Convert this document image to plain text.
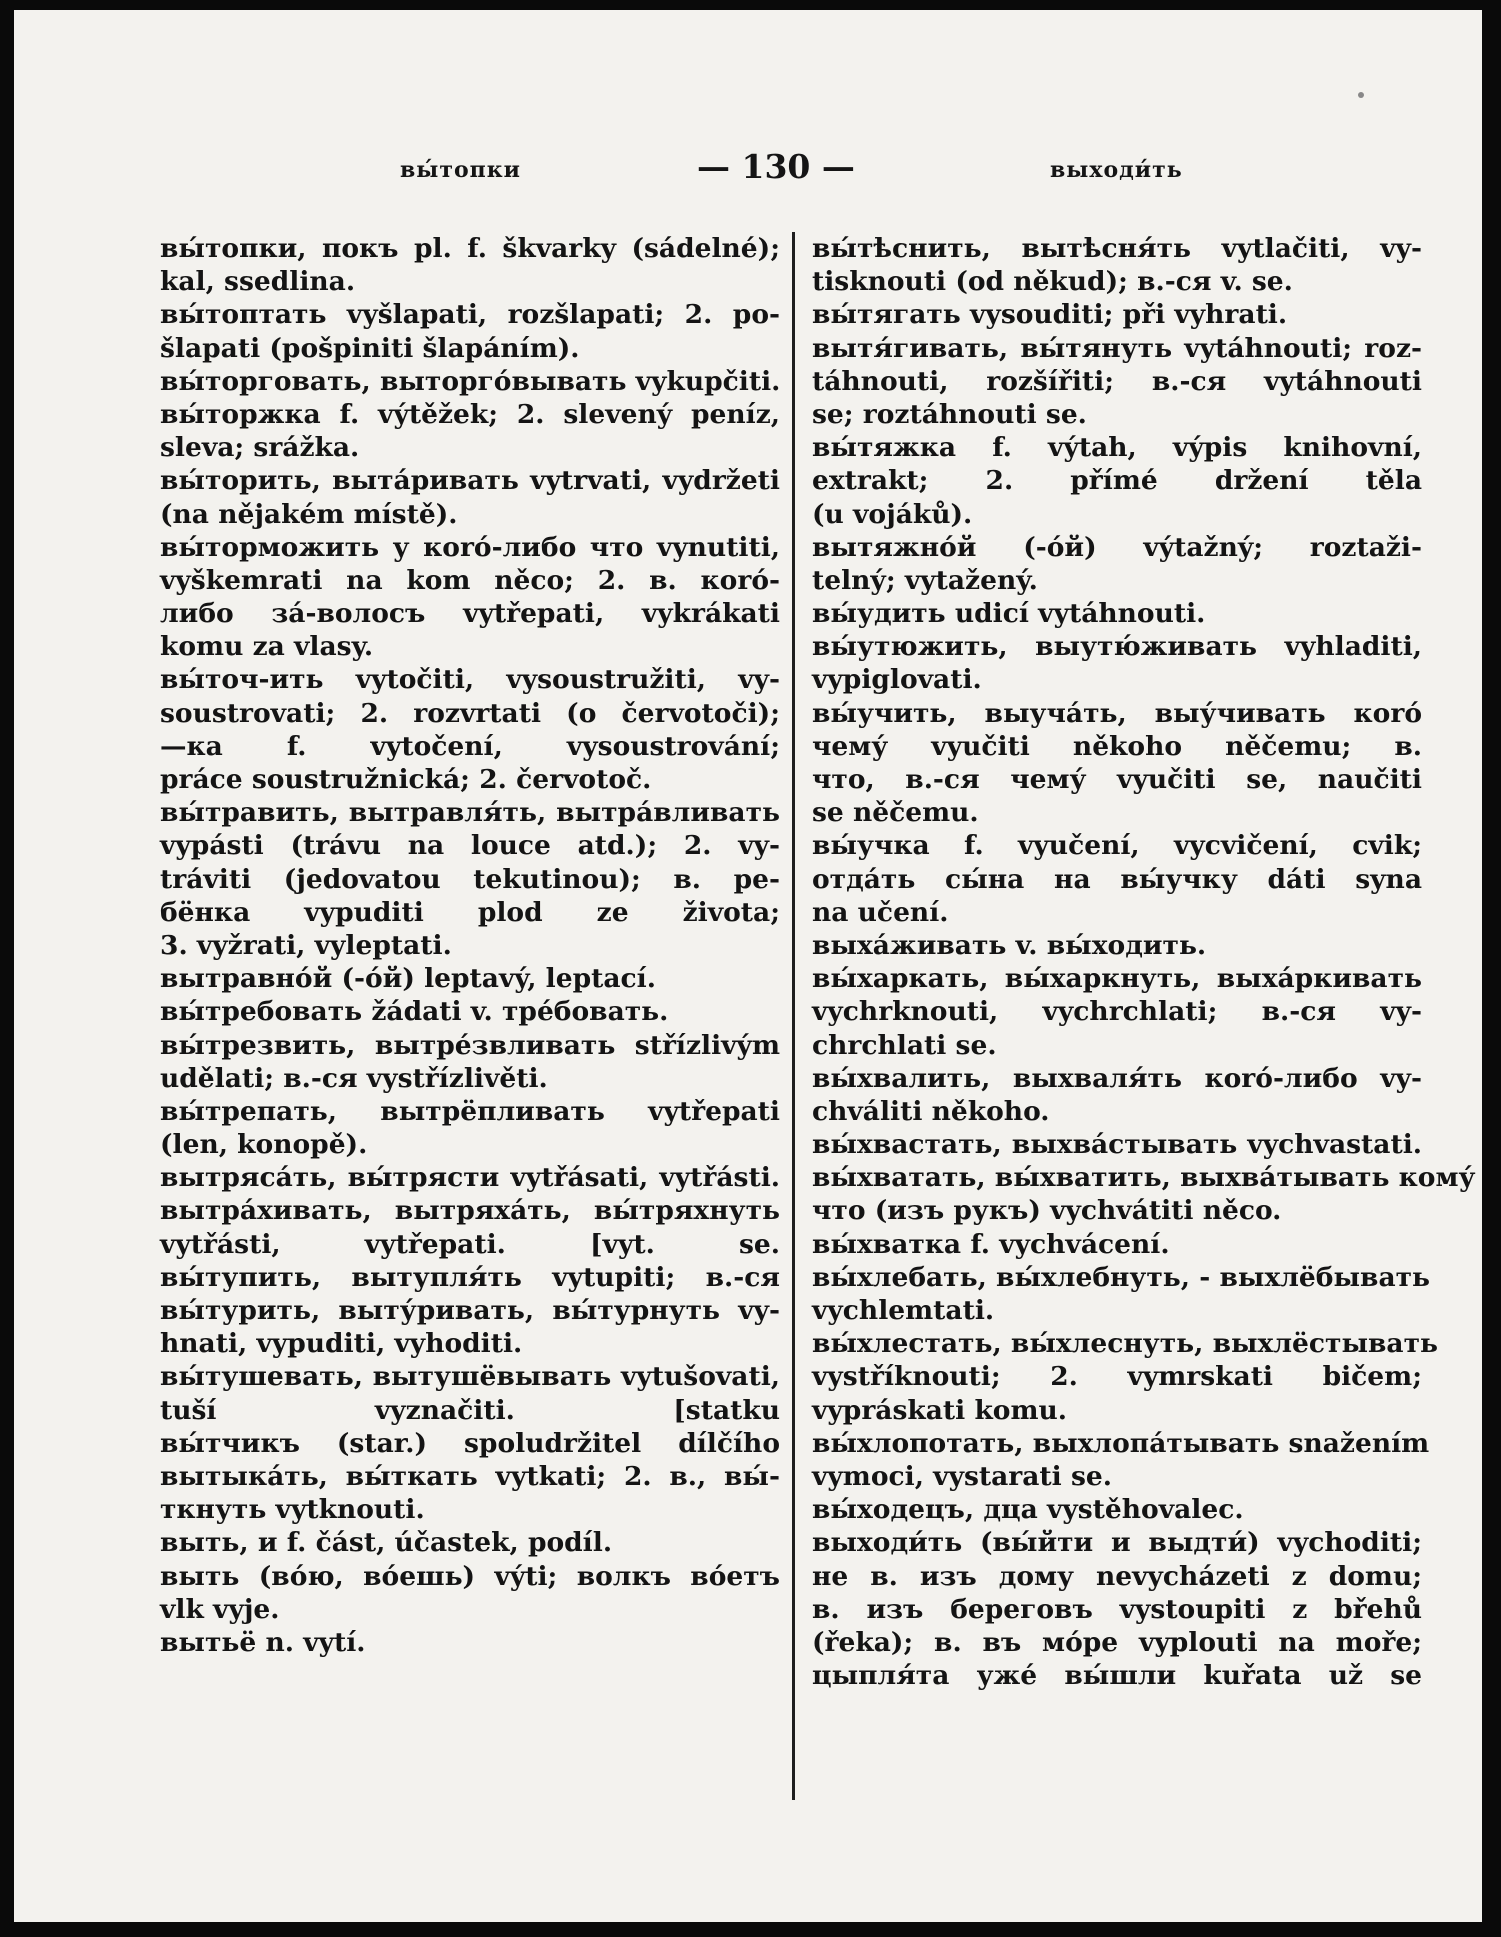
вы́топки	— 130 —	выходи́ть
вы́топки, покъ pl. f. škvarky (sádelné);
kal, ssedlina.
вы́топтать vyšlapati, rozšlapati; 2. po-
šlapati (pošpiniti šlapáním).
вы́торговать, выторго́вывать vykupčiti.
вы́торжка f. výtěžek; 2. slevený peníz,
sleva; srážka.
вы́торить, вытáривать vytrvati, vydržeti
(na nějakém místě).
вы́торможить у коró-либо что vynutiti,
vyškemrati na kom něco; 2. в. коró-
либо за́-волосъ vytřepati, vykrákati
komu za vlasy.
вы́точ-ить vytočiti, vysoustružiti, vy-
soustrovati; 2. rozvrtati (o červotoči);
—ка f. vytočení, vysoustrování;
práce soustružnická; 2. červotoč.
вы́травить, вытравля́ть, вытра́вливать
vypásti (trávu na louce atd.); 2. vy-
tráviti (jedovatou tekutinou); в. ре-
бёнка vypuditi plod ze života;
3. vyžrati, vyleptati.
вытравно́й (-о́й) leptavý, leptací.
вы́требовать žádati v. тре́бовать.
вы́трезвить, вытре́звливать střízlivým
udělati; в.-ся vystřízlivěti.
вы́трепать, вытрёпливать vytřepati
(len, konopě).
вытрясáть, вы́трясти vytřásati, vytřásti.
вытра́хивать, вытряхáть, вы́тряхнуть
vytřásti, vytřepati. [vyt. se.
вы́тупить, вытупля́ть vytupiti; в.-ся
вы́турить, выту́ривать, вы́турнуть vy-
hnati, vypuditi, vyhoditi.
вы́тушевать, вытушёвывать vytušovati,
tuší vyznačiti. [statku
вы́тчикъ (star.) spoludržitel dílčího
вытыкáть, вы́ткать vytkati; 2. в., вы́-
ткнуть vytknouti.
выть, и f. část, účastek, podíl.
выть (во́ю, во́ешь) výti; волкъ во́етъ
vlk vyje.
вытьё n. vytí.
вы́тѣснить, вытѣсня́ть vytlačiti, vy-
tisknouti (od někud); в.-ся v. se.
вы́тягать vysouditi; při vyhrati.
вытя́гивать, вы́тянуть vytáhnouti; roz-
táhnouti, rozšířiti; в.-ся vytáhnouti
se; roztáhnouti se.
вы́тяжка f. výtah, výpis knihovní,
extrakt; 2. přímé držení těla
(u vojáků).
вытяжно́й (-о́й) výtažný; roztaži-
telný; vytažený.
вы́удить udicí vytáhnouti.
вы́утюжить, выутю́живать vyhladiti,
vypiglovati.
вы́учить, выучáть, выу́чивать коró
чему́ vyučiti někoho něčemu; в.
что, в.-ся чему́ vyučiti se, naučiti
se něčemu.
вы́учка f. vyučení, vycvičení, cvik;
отдáть сы́на на вы́учку dáti syna
na učení.
выхáживать v. вы́ходить.
вы́харкать, вы́харкнуть, выхáркивать
vychrknouti, vychrchlati; в.-ся vy-
chrchlati se.
вы́хвалить, выхваля́ть коró-либо vy-
chváliti někoho.
вы́хвастать, выхвáстывать vychvastati.
вы́хватать, вы́хватить, выхвáтывать кому́
что (изъ рукъ) vychvátiti něco.
вы́хватка f. vychvácení.
вы́хлебать, вы́хлебнуть, - выхлёбывать
vychlemtati.
вы́хлестать, вы́хлеснуть, выхлёстывать
vystříknouti; 2. vymrskati bičem;
vypráskati komu.
вы́хлопотать, выхлопáтывать snažením
vymoci, vystarati se.
вы́ходецъ, дца vystěhovalec.
выходи́ть (вы́йти и выдти́) vychoditi;
не в. изъ дому nevycházeti z domu;
в. изъ береговъ vystoupiti z břehů
(řeka); в. въ мо́ре vyplouti na moře;
цыпля́та ужé вы́шли kuřata už se
